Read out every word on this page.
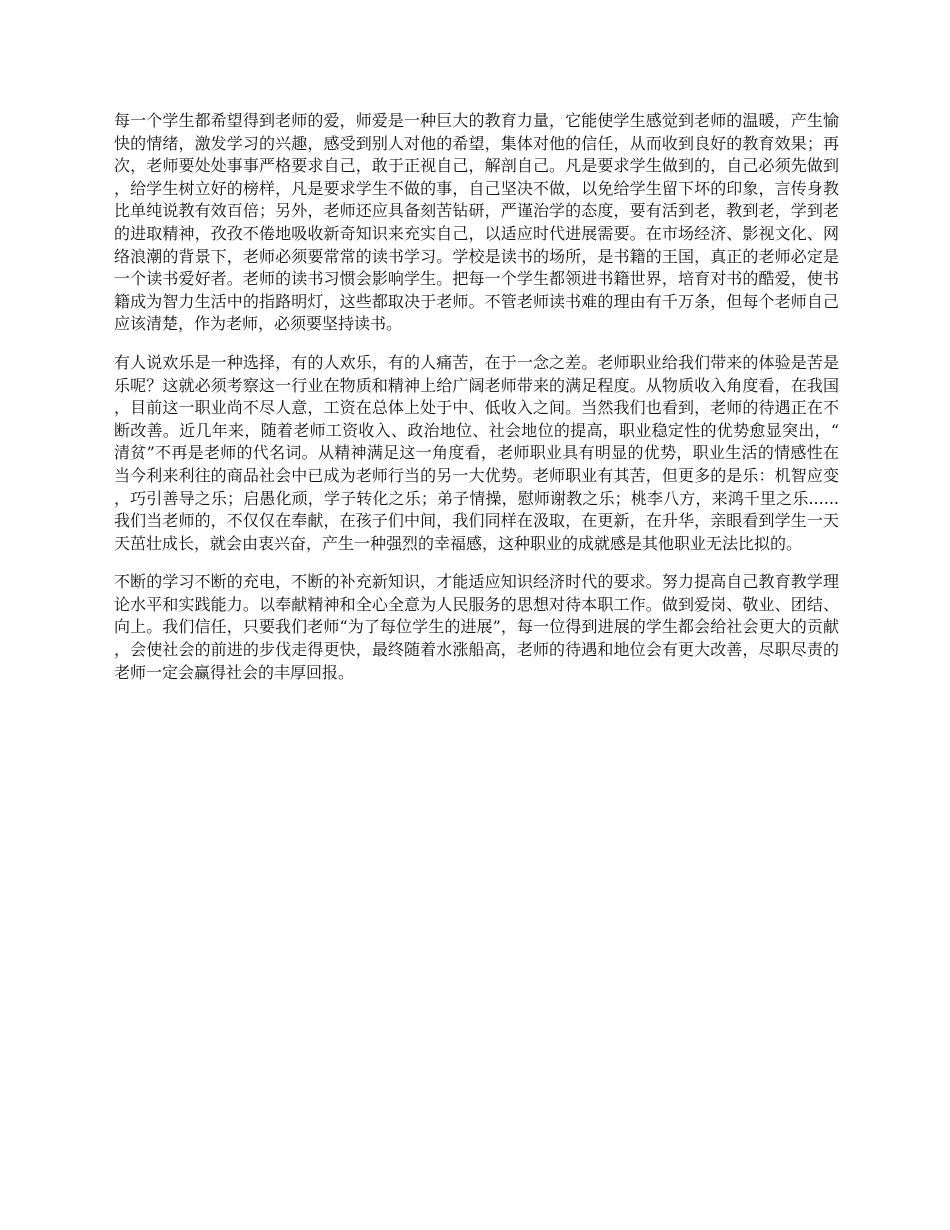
每一个学生都希望得到老师的爱，师爱是一种巨大的教育力量，它能使学生感觉到老师的温暖，产生愉快的情绪，激发学习的兴趣，感受到别人对他的希望，集体对他的信任，从而收到良好的教育效果；再次，老师要处处事事严格要求自己，敢于正视自己，解剖自己。凡是要求学生做到的，自己必须先做到，给学生树立好的榜样，凡是要求学生不做的事，自己坚决不做，以免给学生留下坏的印象，言传身教比单纯说教有效百倍；另外，老师还应具备刻苦钻研，严谨治学的态度，要有活到老，教到老，学到老的进取精神，孜孜不倦地吸收新奇知识来充实自己，以适应时代进展需要。在市场经济、影视文化、网络浪潮的背景下，老师必须要常常的读书学习。学校是读书的场所，是书籍的王国，真正的老师必定是一个读书爱好者。老师的读书习惯会影响学生。把每一个学生都领进书籍世界，培育对书的酷爱，使书籍成为智力生活中的指路明灯，这些都取决于老师。不管老师读书难的理由有千万条，但每个老师自己应该清楚，作为老师，必须要坚持读书。

有人说欢乐是一种选择，有的人欢乐，有的人痛苦，在于一念之差。老师职业给我们带来的体验是苦是乐呢？这就必须考察这一行业在物质和精神上给广阔老师带来的满足程度。从物质收入角度看，在我国，目前这一职业尚不尽人意，工资在总体上处于中、低收入之间。当然我们也看到，老师的待遇正在不断改善。近几年来，随着老师工资收入、政治地位、社会地位的提高，职业稳定性的优势愈显突出，“清贫”不再是老师的代名词。从精神满足这一角度看，老师职业具有明显的优势，职业生活的情感性在当今利来利往的商品社会中已成为老师行当的另一大优势。老师职业有其苦，但更多的是乐：机智应变，巧引善导之乐；启愚化顽，学子转化之乐；弟子情操，慰师谢教之乐；桃李八方，来鸿千里之乐......我们当老师的，不仅仅在奉献，在孩子们中间，我们同样在汲取，在更新，在升华，亲眼看到学生一天天茁壮成长，就会由衷兴奋，产生一种强烈的幸福感，这种职业的成就感是其他职业无法比拟的。

不断的学习不断的充电，不断的补充新知识，才能适应知识经济时代的要求。努力提高自己教育教学理论水平和实践能力。以奉献精神和全心全意为人民服务的思想对待本职工作。做到爱岗、敬业、团结、向上。我们信任，只要我们老师“为了每位学生的进展”，每一位得到进展的学生都会给社会更大的贡献，会使社会的前进的步伐走得更快，最终随着水涨船高，老师的待遇和地位会有更大改善，尽职尽责的老师一定会赢得社会的丰厚回报。
